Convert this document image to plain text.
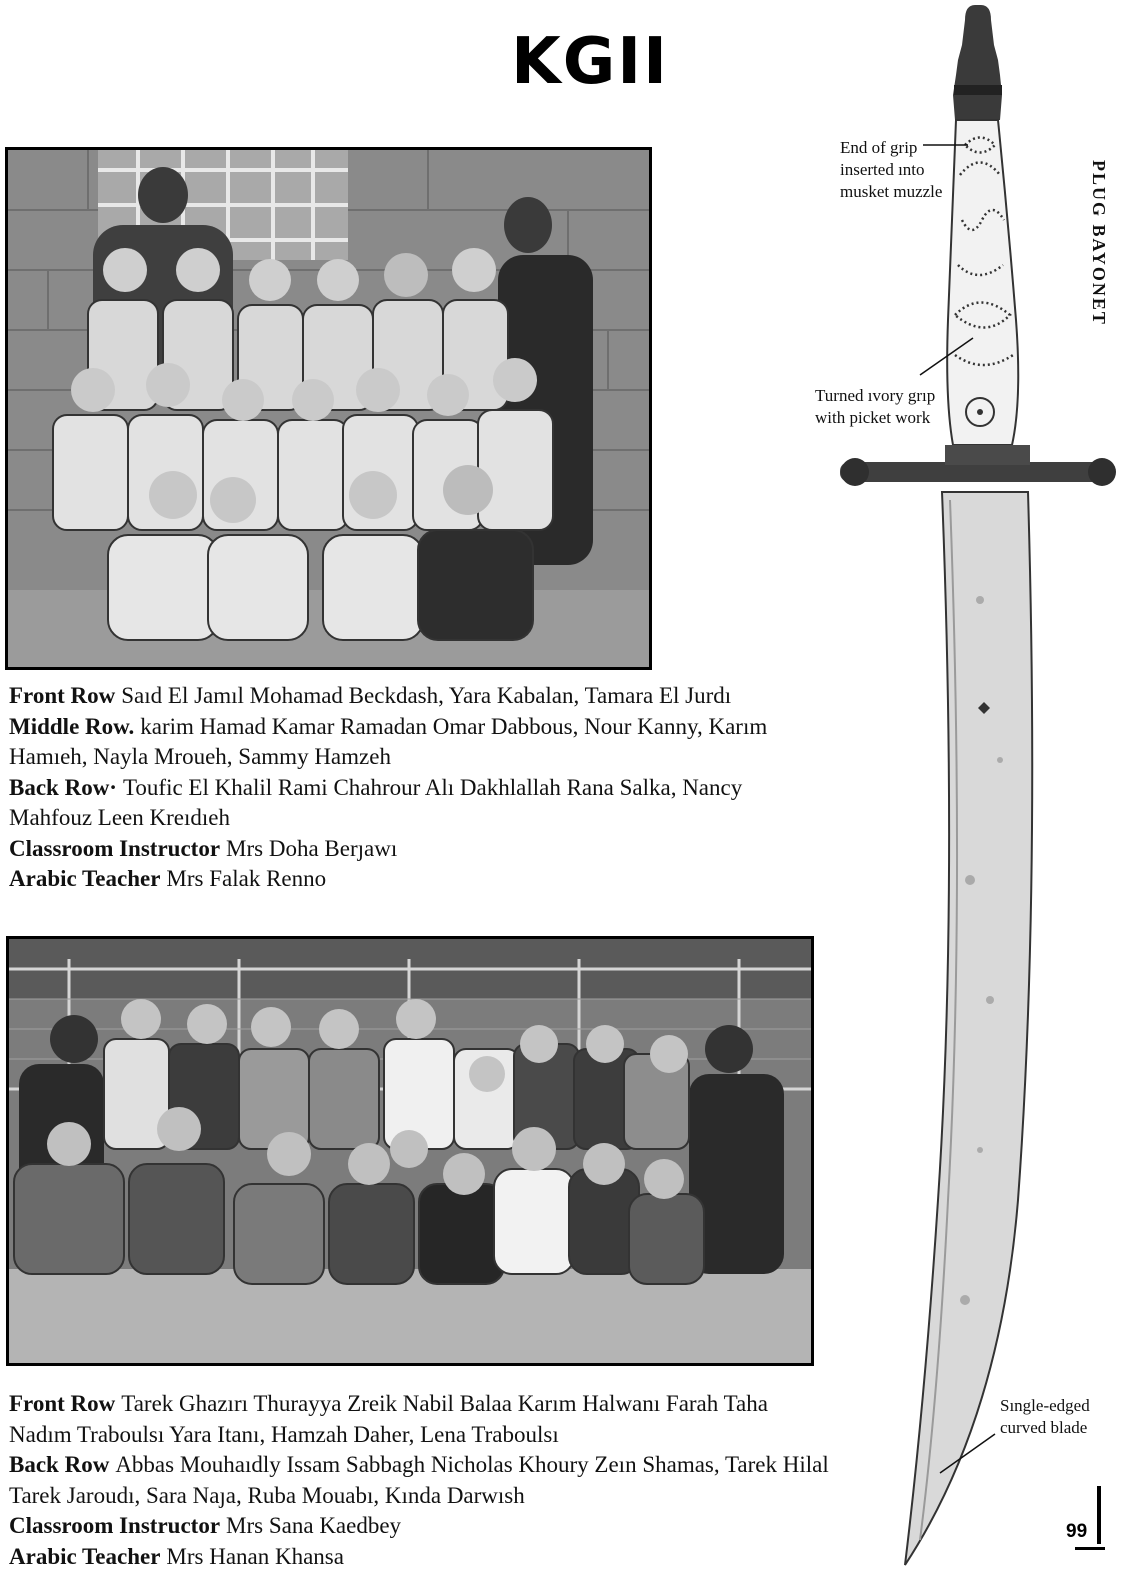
KGII
Front Row Saıd El Jamıl Mohamad Beckdash, Yara Kabalan, Tamara El Jurdı
Middle Row. karim Hamad Kamar Ramadan Omar Dabbous, Nour Kanny, Karım Hamıeh, Nayla Mroueh, Sammy Hamzeh
Back Row· Toufic El Khalil Rami Chahrour Alı Dakhlallah Rana Salka, Nancy Mahfouz Leen Kreıdıeh
Classroom Instructor Mrs Doha Berȷawı
Arabic Teacher Mrs Falak Renno
Front Row Tarek Ghazırı Thurayya Zreik Nabil Balaa Karım Halwanı Farah Taha Nadım Traboulsı Yara Itanı, Hamzah Daher, Lena Traboulsı
Back Row Abbas Mouhaıdly Issam Sabbagh Nicholas Khoury Zeın Shamas, Tarek Hilal Tarek Jaroudı, Sara Naȷa, Ruba Mouabı, Kında Darwısh
Classroom Instructor Mrs Sana Kaedbey
Arabic Teacher Mrs Hanan Khansa
End of grip inserted ınto musket muzzle
Turned ıvory grıp with picket work
Sıngle-edged curved blade
PLUG BAYONET
99
